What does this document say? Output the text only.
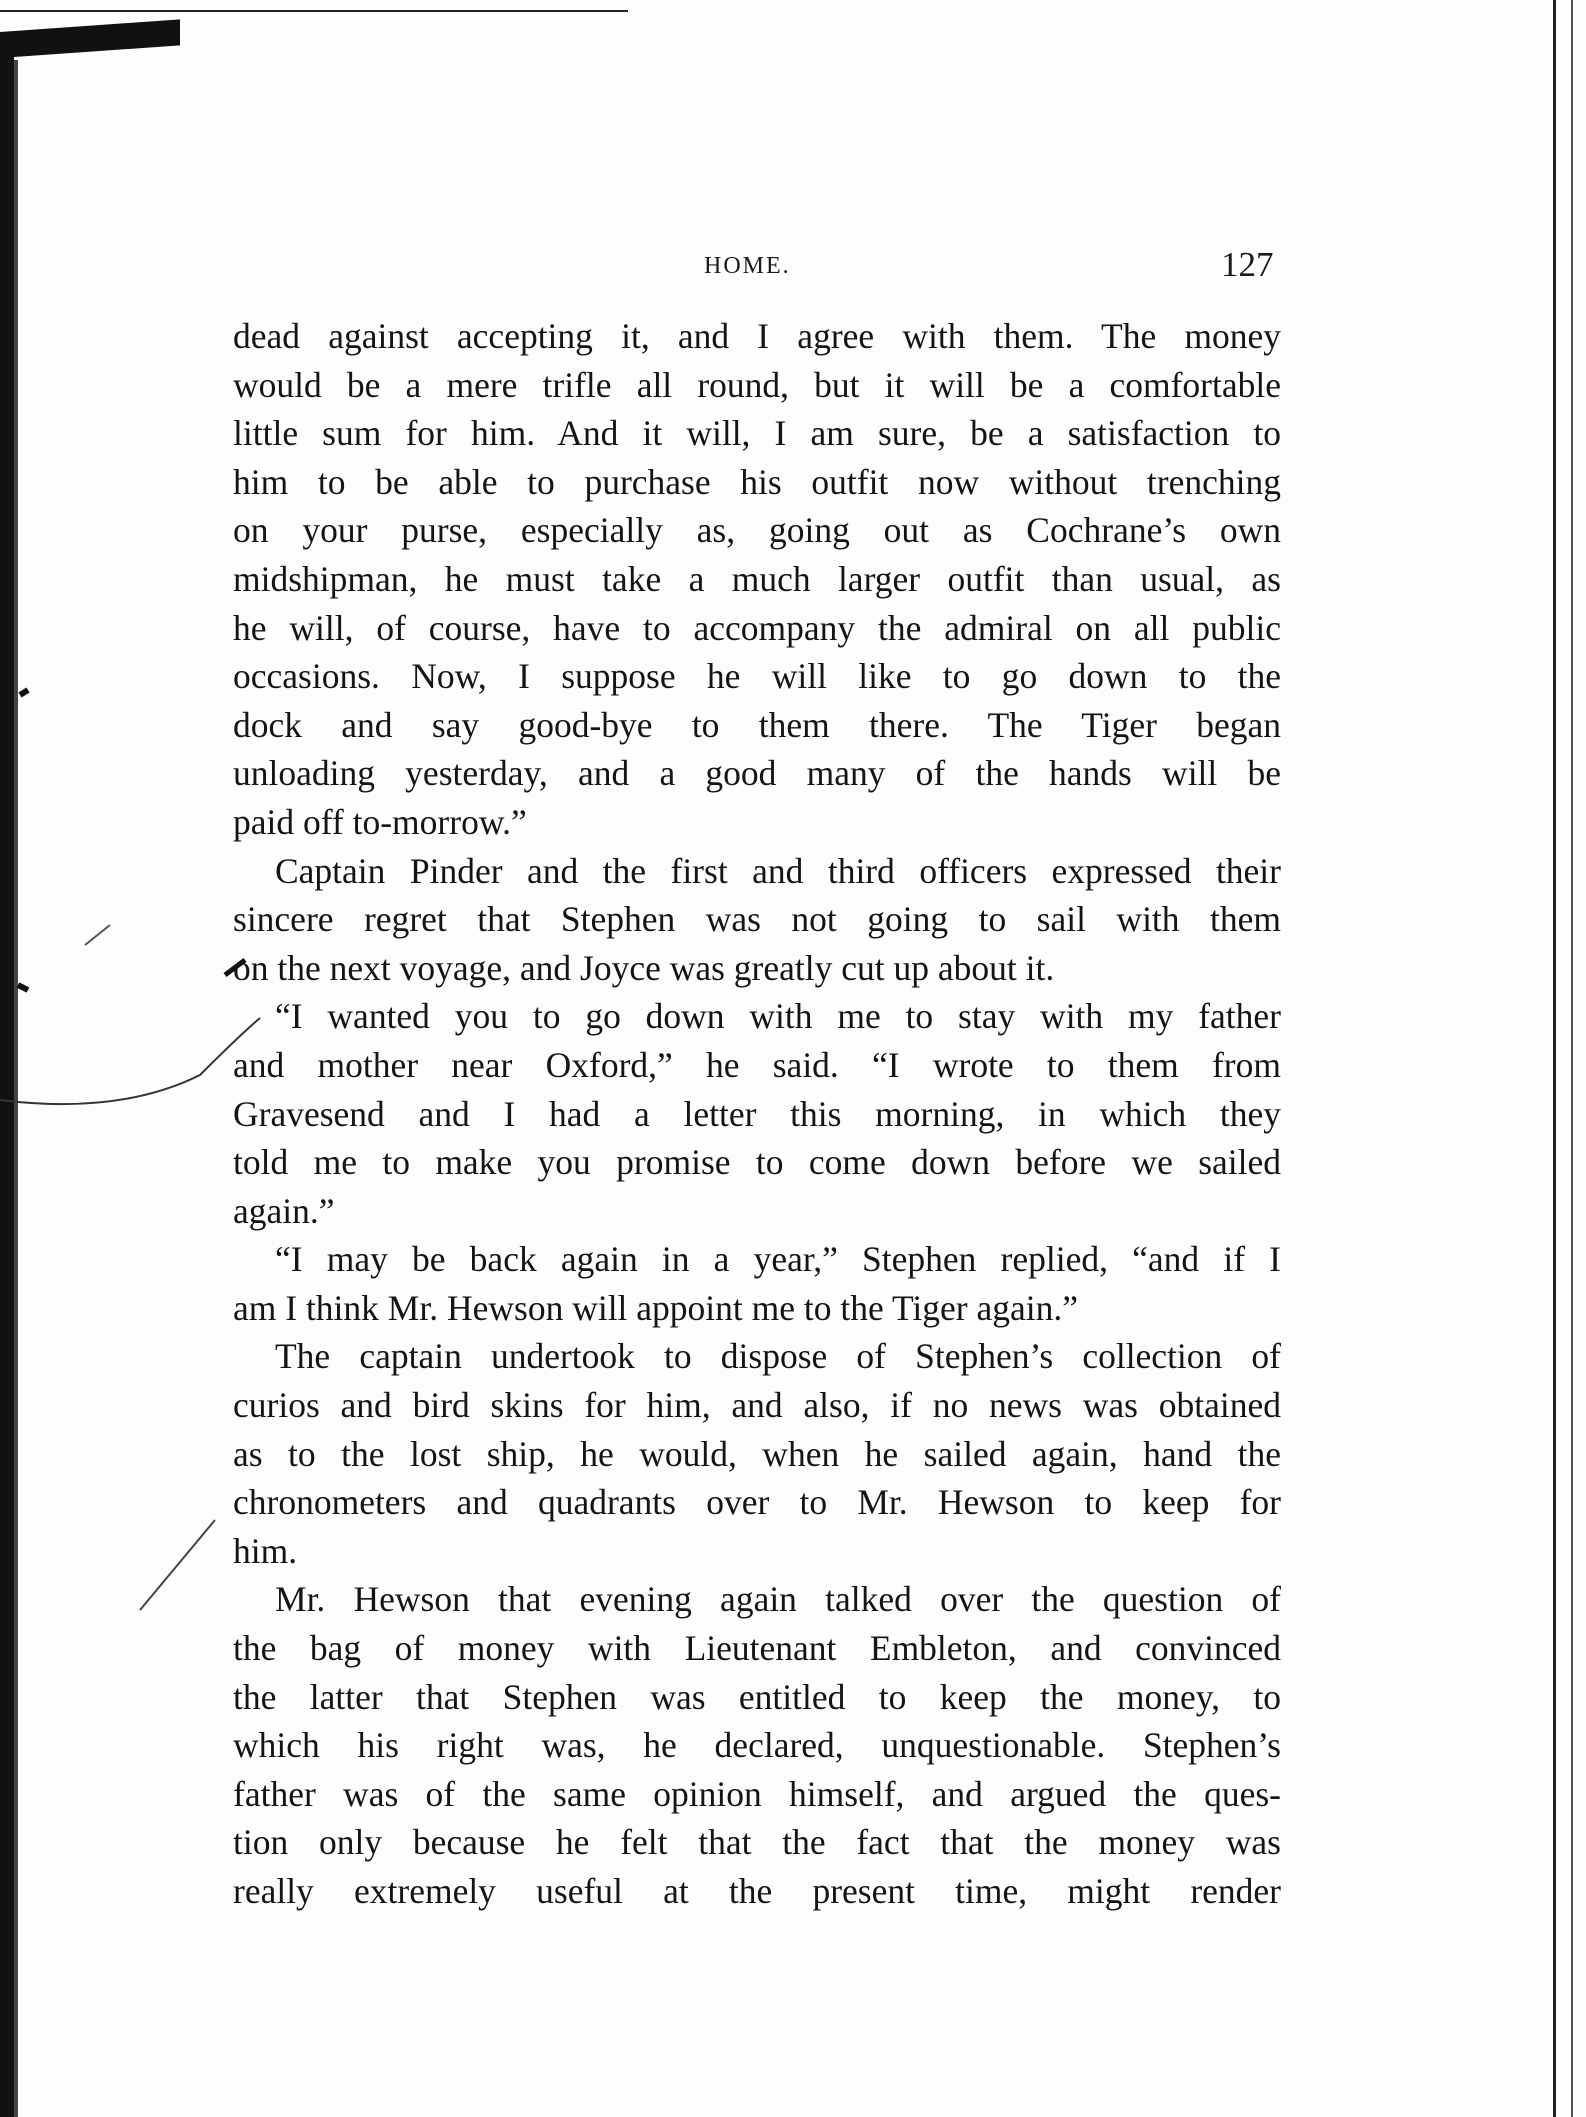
HOME.	127

dead against accepting it, and I agree with them. The money
would be a mere trifle all round, but it will be a comfortable
little sum for him. And it will, I am sure, be a satisfaction to
him to be able to purchase his outfit now without trenching
on your purse, especially as, going out as Cochrane’s own
midshipman, he must take a much larger outfit than usual, as
he will, of course, have to accompany the admiral on all public
occasions. Now, I suppose he will like to go down to the
dock and say good-bye to them there. The Tiger began
unloading yesterday, and a good many of the hands will be
paid off to-morrow.”

Captain Pinder and the first and third officers expressed their
sincere regret that Stephen was not going to sail with them
on the next voyage, and Joyce was greatly cut up about it.

“I wanted you to go down with me to stay with my father
and mother near Oxford,” he said. “I wrote to them from
Gravesend and I had a letter this morning, in which they
told me to make you promise to come down before we sailed
again.”

“I may be back again in a year,” Stephen replied, “and if I
am I think Mr. Hewson will appoint me to the Tiger again.”

The captain undertook to dispose of Stephen’s collection of
curios and bird skins for him, and also, if no news was obtained
as to the lost ship, he would, when he sailed again, hand the
chronometers and quadrants over to Mr. Hewson to keep for
him.

Mr. Hewson that evening again talked over the question of
the bag of money with Lieutenant Embleton, and convinced
the latter that Stephen was entitled to keep the money, to
which his right was, he declared, unquestionable. Stephen’s
father was of the same opinion himself, and argued the ques-
tion only because he felt that the fact that the money was
really extremely useful at the present time, might render
